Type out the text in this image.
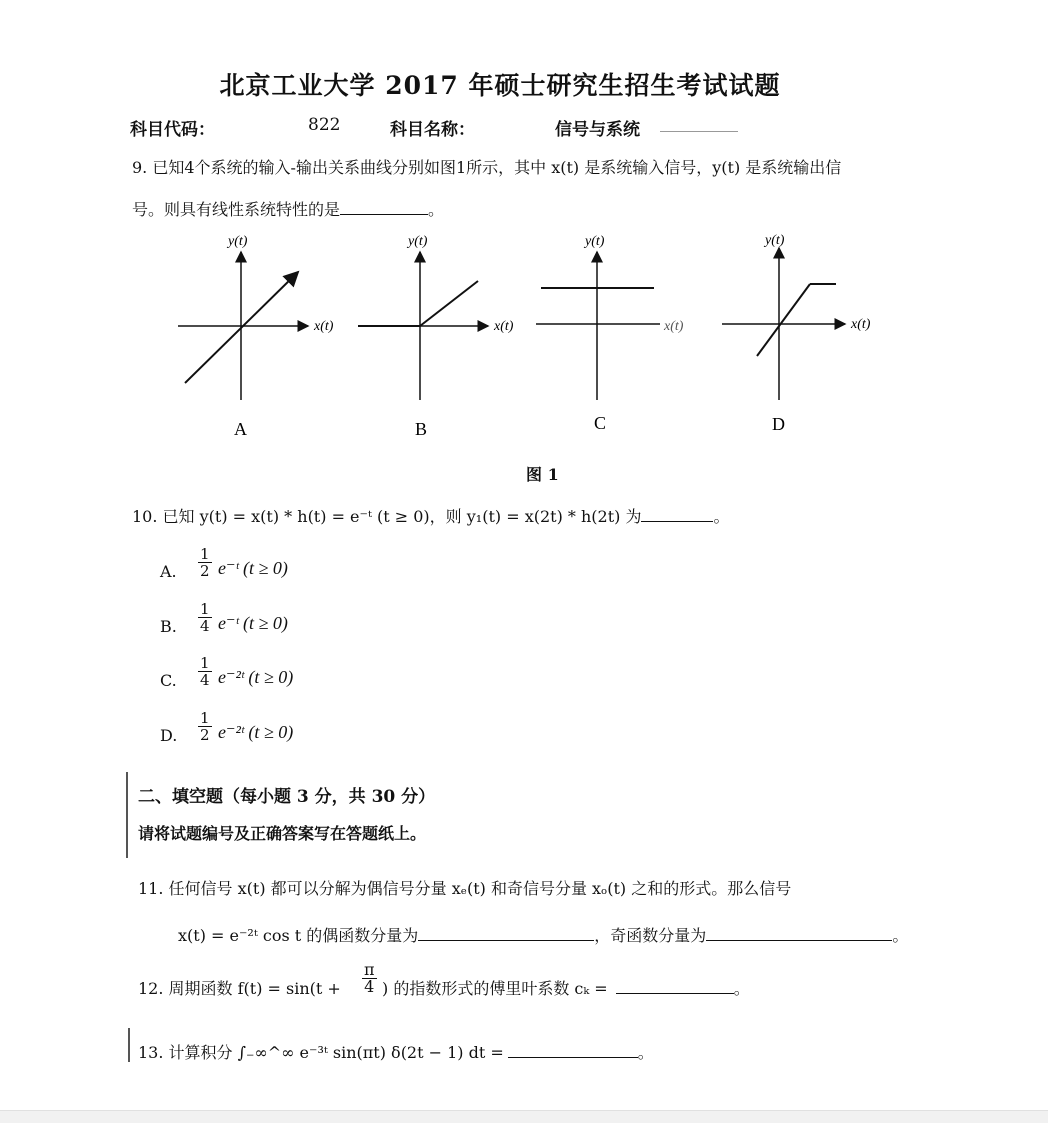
北京工业大学 2017 年硕士研究生招生考试试题
科目代码：	822	科目名称：	信号与系统
9. 已知4个系统的输入-输出关系曲线分别如图1所示，其中 x(t) 是系统输入信号，y(t) 是系统输出信
号。则具有线性系统特性的是	。
y(t)
x(t)
A
y(t)
x(t)
B
y(t)
x(t)
C
y(t)
x(t)
D
图 1
10. 已知 y(t) = x(t) * h(t) = e⁻ᵗ (t ≥ 0)，则 y₁(t) = x(2t) * h(2t) 为	。
A. $\frac{1}{2}$ e⁻ᵗ (t ≥ 0)
B. $\frac{1}{4}$ e⁻ᵗ (t ≥ 0)
C. $\frac{1}{4}$ e⁻²ᵗ (t ≥ 0)
D. $\frac{1}{2}$ e⁻²ᵗ (t ≥ 0)
二、填空题（每小题 3 分，共 30 分）
请将试题编号及正确答案写在答题纸上。
11. 任何信号 x(t) 都可以分解为偶信号分量 xₑ(t) 和奇信号分量 xₒ(t) 之和的形式。那么信号
x(t) = e⁻²ᵗ cos t 的偶函数分量为	，奇函数分量为	。
12. 周期函数 $f(t) = \sin(t + \frac{\pi}{4}$ ) 的指数形式的傅里叶系数 cₖ =	。
13. 计算积分 ∫₋∞^∞ e⁻³ᵗ sin(πt) δ(2t − 1) dt =	。
